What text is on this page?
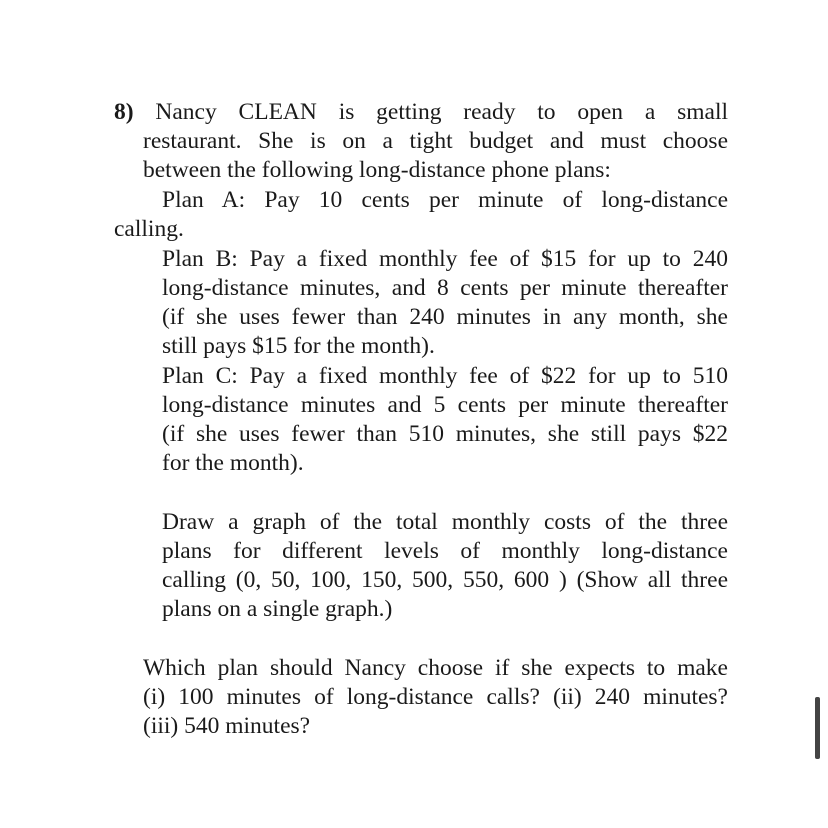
8) Nancy CLEAN is getting ready to open a small
restaurant. She is on a tight budget and must choose
between the following long-distance phone plans:
Plan A: Pay 10 cents per minute of long-distance
calling.
Plan B: Pay a fixed monthly fee of $15 for up to 240
long-distance minutes, and 8 cents per minute thereafter
(if she uses fewer than 240 minutes in any month, she
still pays $15 for the month).
Plan C: Pay a fixed monthly fee of $22 for up to 510
long-distance minutes and 5 cents per minute thereafter
(if she uses fewer than 510 minutes, she still pays $22
for the month).
Draw a graph of the total monthly costs of the three
plans for different levels of monthly long-distance
calling (0, 50, 100, 150, 500, 550, 600 ) (Show all three
plans on a single graph.)
Which plan should Nancy choose if she expects to make
(i) 100 minutes of long-distance calls? (ii) 240 minutes?
(iii) 540 minutes?
